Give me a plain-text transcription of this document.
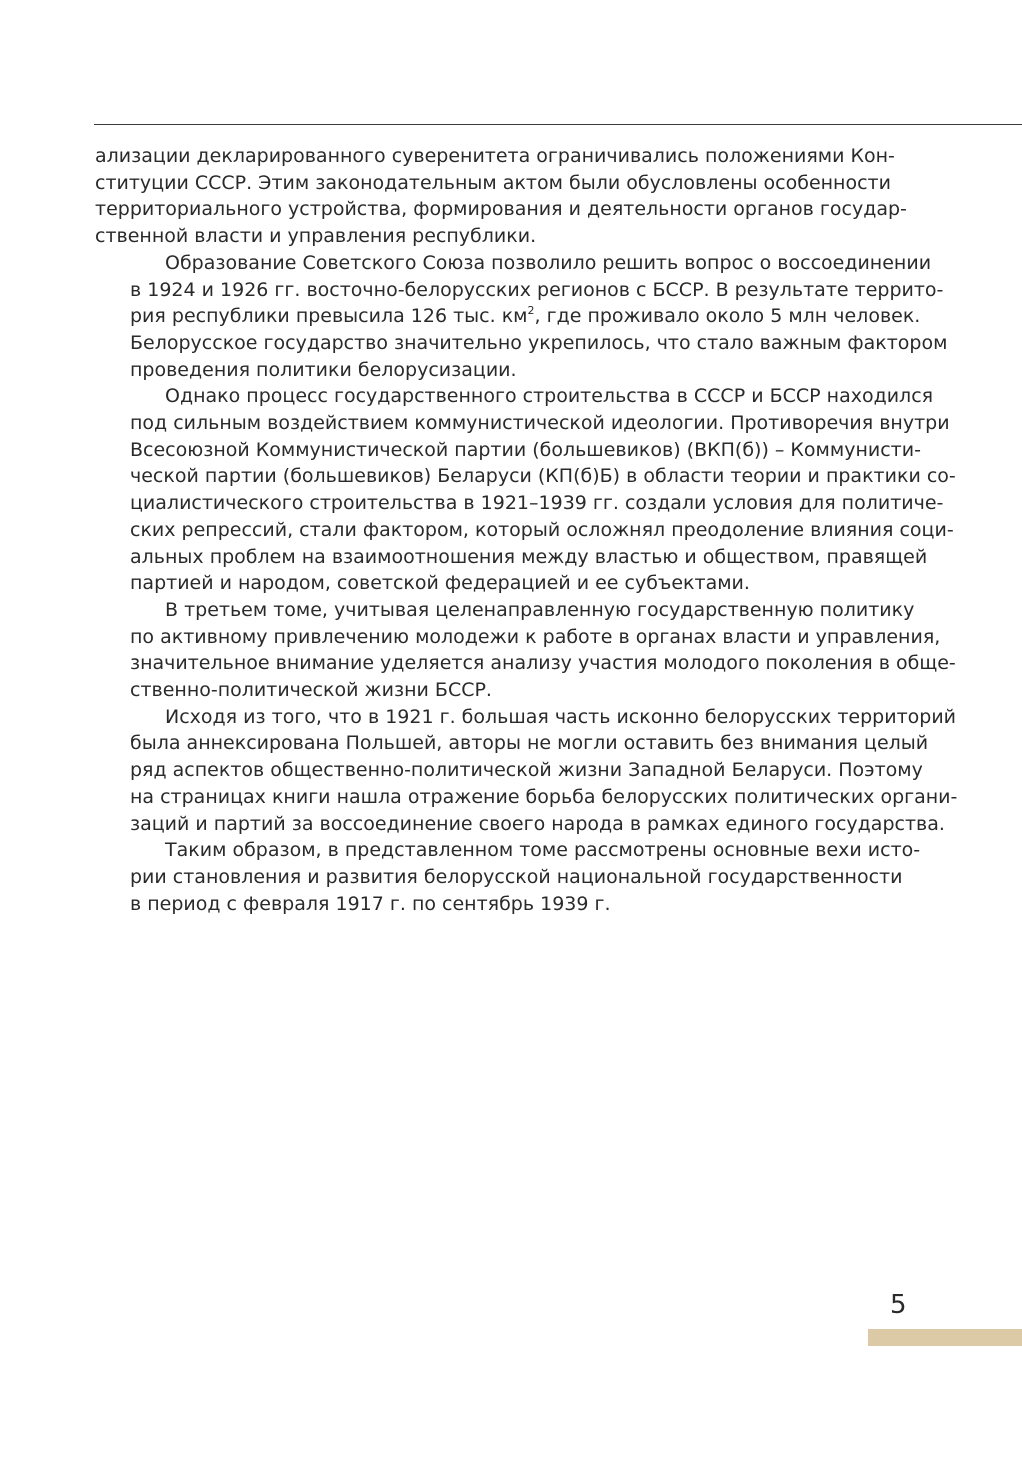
ализации декларированного суверенитета ограничивались положениями Кон-
ституции СССР. Этим законодательным актом были обусловлены особенности
территориального устройства, формирования и деятельности органов государ-
ственной власти и управления республики.
Образование Советского Союза позволило решить вопрос о воссоединении
в 1924 и 1926 гг. восточно-белорусских регионов с БССР. В результате террито-
рия республики превысила 126 тыс. $км^2$, где проживало около 5 млн человек.
Белорусское государство значительно укрепилось, что стало важным фактором
проведения политики белорусизации.
Однако процесс государственного строительства в СССР и БССР находился
под сильным воздействием коммунистической идеологии. Противоречия внутри
Всесоюзной Коммунистической партии (большевиков) (ВКП(б)) – Коммунисти-
ческой партии (большевиков) Беларуси (КП(б)Б) в области теории и практики со-
циалистического строительства в 1921–1939 гг. создали условия для политиче-
ских репрессий, стали фактором, который осложнял преодоление влияния соци-
альных проблем на взаимоотношения между властью и обществом, правящей
партией и народом, советской федерацией и ее субъектами.
В третьем томе, учитывая целенаправленную государственную политику
по активному привлечению молодежи к работе в органах власти и управления,
значительное внимание уделяется анализу участия молодого поколения в обще-
ственно-политической жизни БССР.
Исходя из того, что в 1921 г. большая часть исконно белорусских территорий
была аннексирована Польшей, авторы не могли оставить без внимания целый
ряд аспектов общественно-политической жизни Западной Беларуси. Поэтому
на страницах книги нашла отражение борьба белорусских политических органи-
заций и партий за воссоединение своего народа в рамках единого государства.
Таким образом, в представленном томе рассмотрены основные вехи исто-
рии становления и развития белорусской национальной государственности
в период с февраля 1917 г. по сентябрь 1939 г.
5
